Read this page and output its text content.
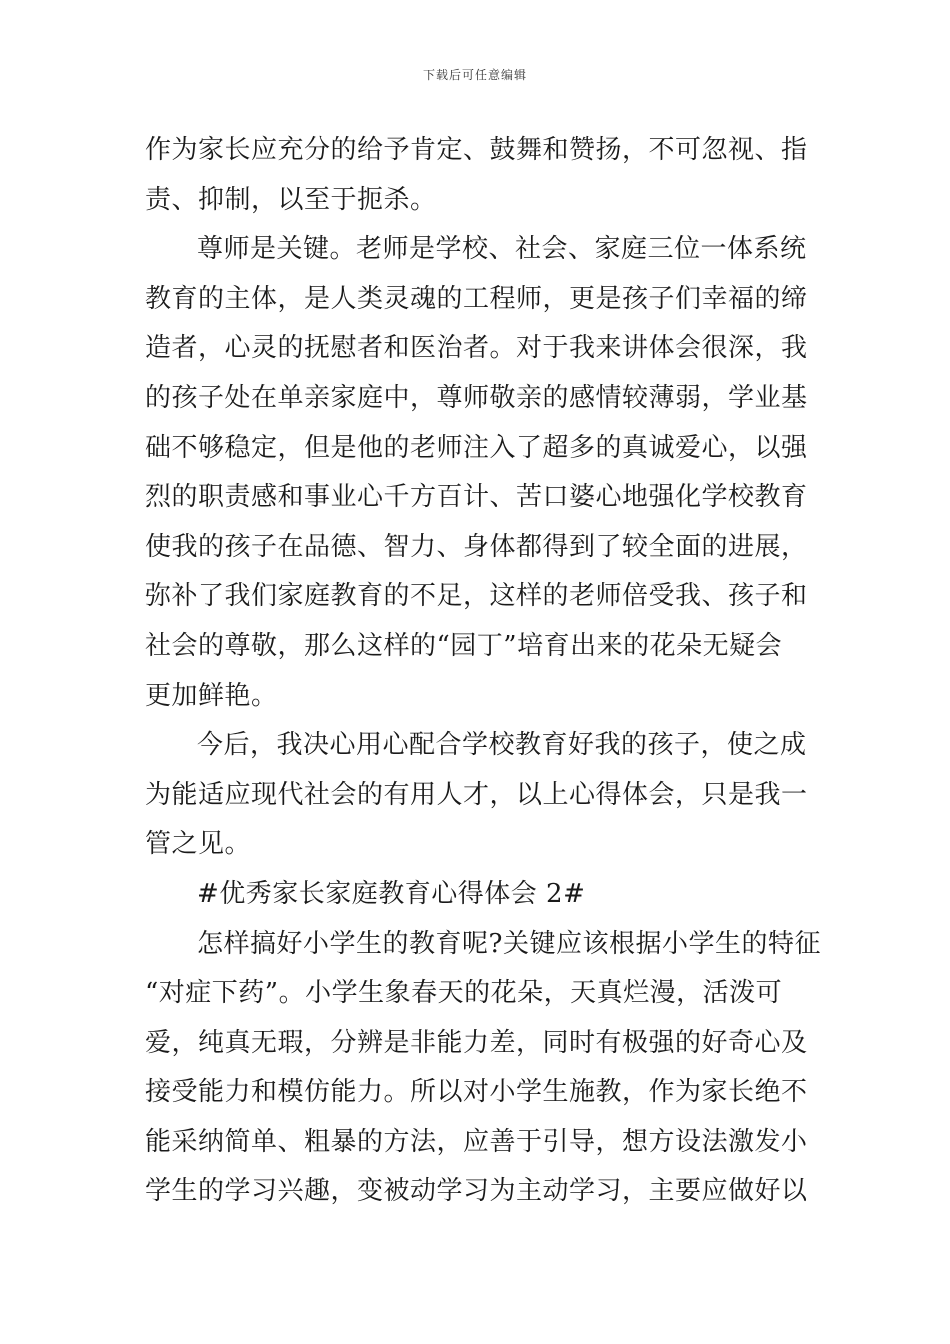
下载后可任意编辑
作为家长应充分的给予肯定、鼓舞和赞扬，不可忽视、指
责、抑制，以至于扼杀。
尊师是关键。老师是学校、社会、家庭三位一体系统
教育的主体，是人类灵魂的工程师，更是孩子们幸福的缔
造者，心灵的抚慰者和医治者。对于我来讲体会很深，我
的孩子处在单亲家庭中，尊师敬亲的感情较薄弱，学业基
础不够稳定，但是他的老师注入了超多的真诚爱心，以强
烈的职责感和事业心千方百计、苦口婆心地强化学校教育
使我的孩子在品德、智力、身体都得到了较全面的进展，
弥补了我们家庭教育的不足，这样的老师倍受我、孩子和
社会的尊敬，那么这样的“园丁”培育出来的花朵无疑会
更加鲜艳。
今后，我决心用心配合学校教育好我的孩子，使之成
为能适应现代社会的有用人才，以上心得体会，只是我一
管之见。
#优秀家长家庭教育心得体会 2#
怎样搞好小学生的教育呢?关键应该根据小学生的特征
“对症下药”。小学生象春天的花朵，天真烂漫，活泼可
爱，纯真无瑕，分辨是非能力差，同时有极强的好奇心及
接受能力和模仿能力。所以对小学生施教，作为家长绝不
能采纳简单、粗暴的方法，应善于引导，想方设法激发小
学生的学习兴趣，变被动学习为主动学习，主要应做好以
